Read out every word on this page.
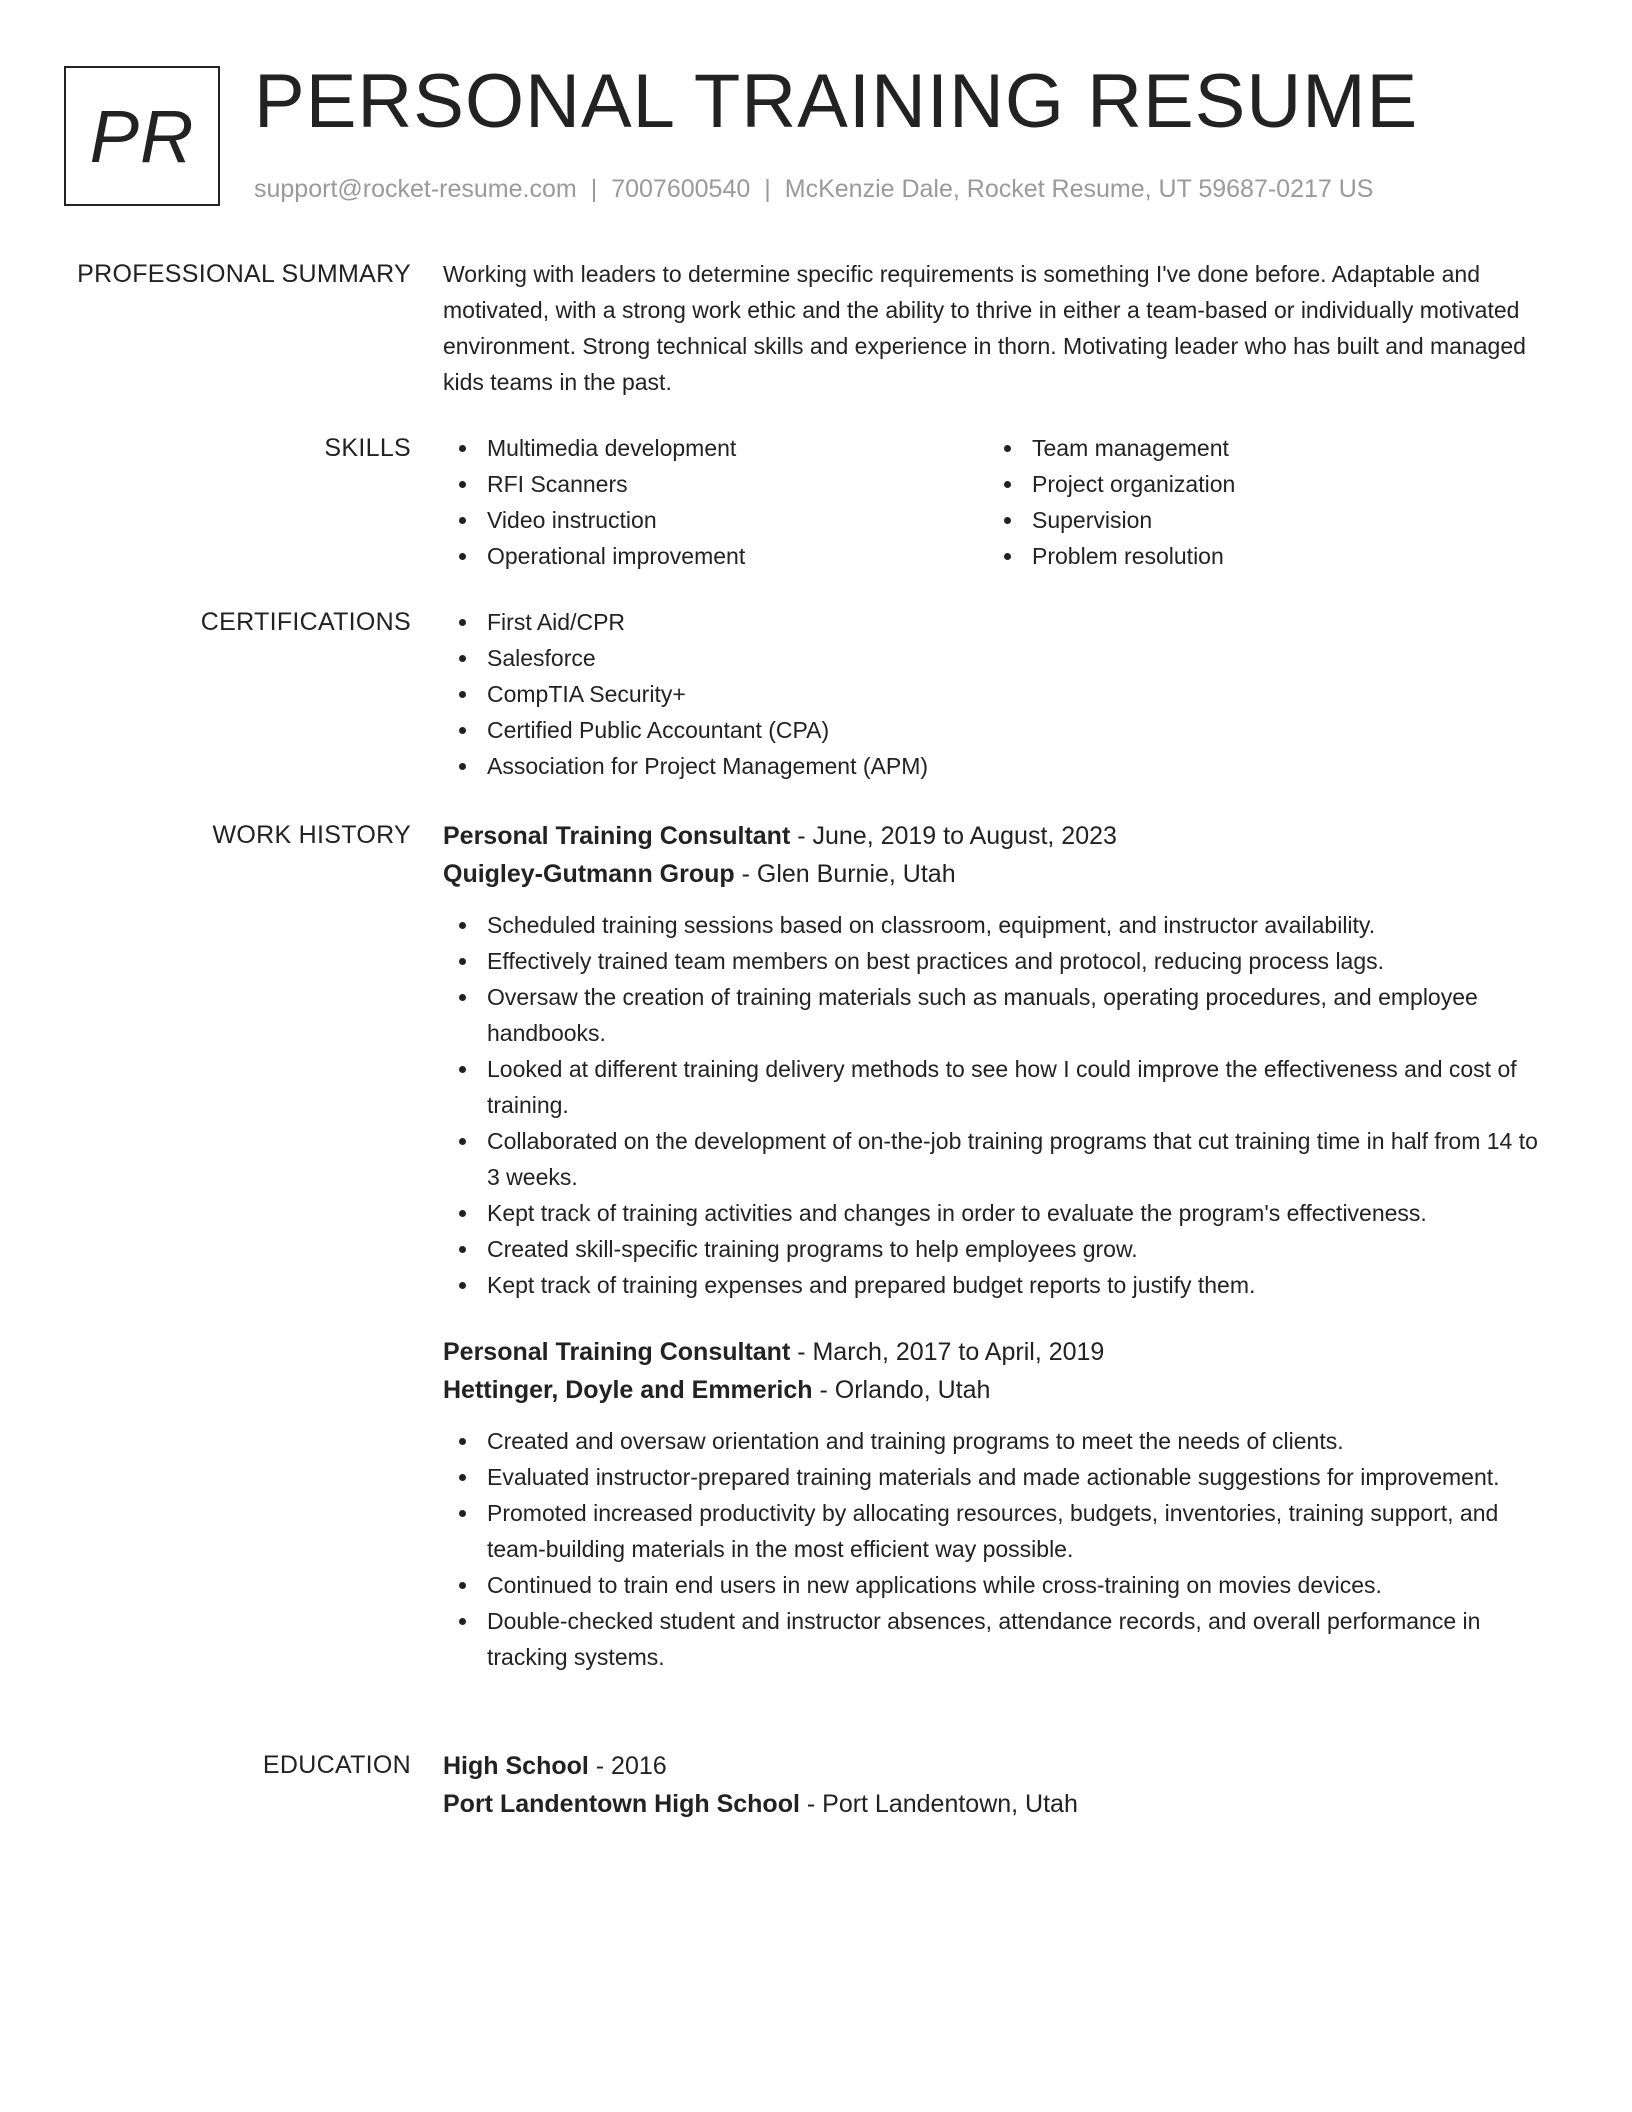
PR PERSONAL TRAINING RESUME
support@rocket-resume.com | 7007600540 | McKenzie Dale, Rocket Resume, UT 59687-0217 US
PROFESSIONAL SUMMARY Working with leaders to determine specific requirements is something I've done before. Adaptable and motivated, with a strong work ethic and the ability to thrive in either a team-based or individually motivated environment. Strong technical skills and experience in thorn. Motivating leader who has built and managed kids teams in the past.

SKILLS	Multimedia development
RFI Scanners
Video instruction
Operational improvement
Team management
Project organization
Supervision
Problem resolution
CERTIFICATIONS	First Aid/CPR
Salesforce
CompTIA Security+
Certified Public Accountant (CPA)
Association for Project Management (APM)
WORK HISTORY Personal Training Consultant - June, 2019 to August, 2023
Quigley-Gutmann Group - Glen Burnie, Utah
Scheduled training sessions based on classroom, equipment, and instructor availability.
Effectively trained team members on best practices and protocol, reducing process lags.
Oversaw the creation of training materials such as manuals, operating procedures, and employee handbooks.
Looked at different training delivery methods to see how I could improve the effectiveness and cost of training.
Collaborated on the development of on-the-job training programs that cut training time in half from 14 to 3 weeks.
Kept track of training activities and changes in order to evaluate the program's effectiveness.
Created skill-specific training programs to help employees grow.
Kept track of training expenses and prepared budget reports to justify them.
Personal Training Consultant - March, 2017 to April, 2019
Hettinger, Doyle and Emmerich - Orlando, Utah
Created and oversaw orientation and training programs to meet the needs of clients.
Evaluated instructor-prepared training materials and made actionable suggestions for improvement.
Promoted increased productivity by allocating resources, budgets, inventories, training support, and team-building materials in the most efficient way possible.
Continued to train end users in new applications while cross-training on movies devices.
Double-checked student and instructor absences, attendance records, and overall performance in tracking systems.
EDUCATION High School - 2016
Port Landentown High School - Port Landentown, Utah
